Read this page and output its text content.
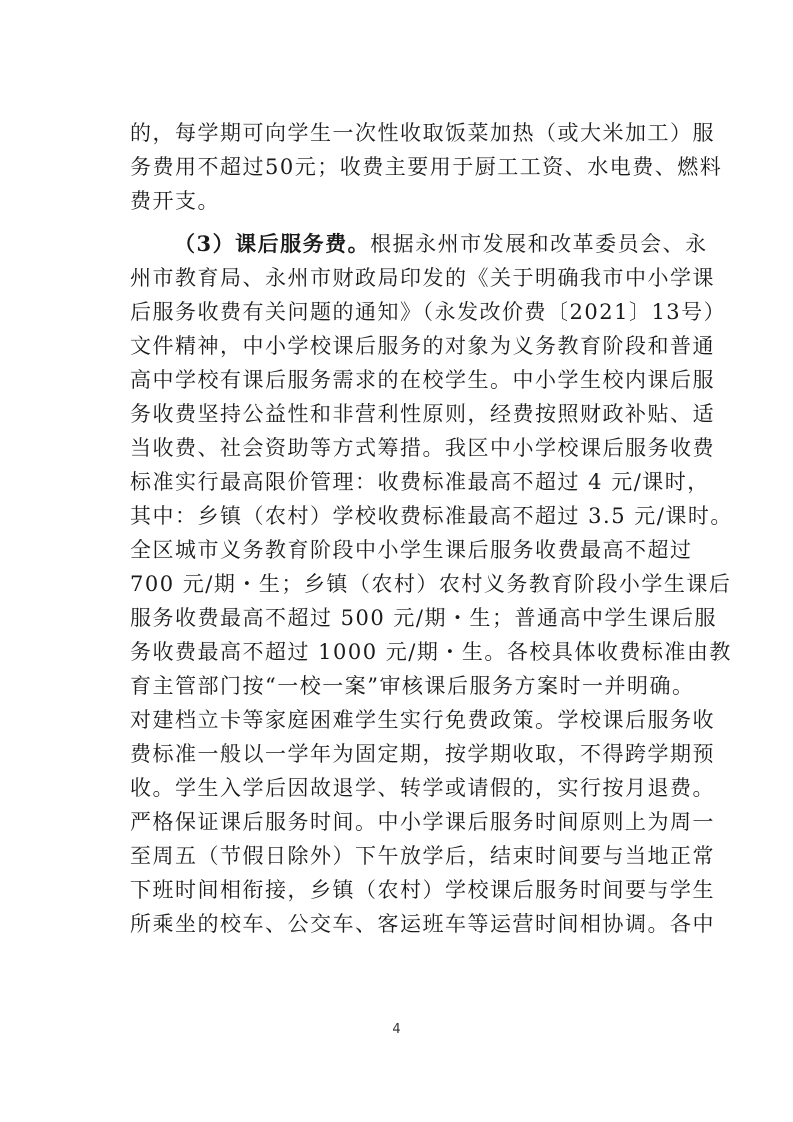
的，每学期可向学生一次性收取饭菜加热（或大米加工）服
务费用不超过50元；收费主要用于厨工工资、水电费、燃料
费开支。
（3）课后服务费。根据永州市发展和改革委员会、永
州市教育局、永州市财政局印发的《关于明确我市中小学课
后服务收费有关问题的通知》（永发改价费〔2021〕13号）
文件精神，中小学校课后服务的对象为义务教育阶段和普通
高中学校有课后服务需求的在校学生。中小学生校内课后服
务收费坚持公益性和非营利性原则，经费按照财政补贴、适
当收费、社会资助等方式筹措。我区中小学校课后服务收费
标准实行最高限价管理：收费标准最高不超过 4 元/课时，
其中：乡镇（农村）学校收费标准最高不超过 3.5 元/课时。
全区城市义务教育阶段中小学生课后服务收费最高不超过
700 元/期・生；乡镇（农村）农村义务教育阶段小学生课后
服务收费最高不超过 500 元/期・生；普通高中学生课后服
务收费最高不超过 1000 元/期・生。各校具体收费标准由教
育主管部门按“一校一案”审核课后服务方案时一并明确。
对建档立卡等家庭困难学生实行免费政策。学校课后服务收
费标准一般以一学年为固定期，按学期收取，不得跨学期预
收。学生入学后因故退学、转学或请假的，实行按月退费。
严格保证课后服务时间。中小学课后服务时间原则上为周一
至周五（节假日除外）下午放学后，结束时间要与当地正常
下班时间相衔接，乡镇（农村）学校课后服务时间要与学生
所乘坐的校车、公交车、客运班车等运营时间相协调。各中
4
